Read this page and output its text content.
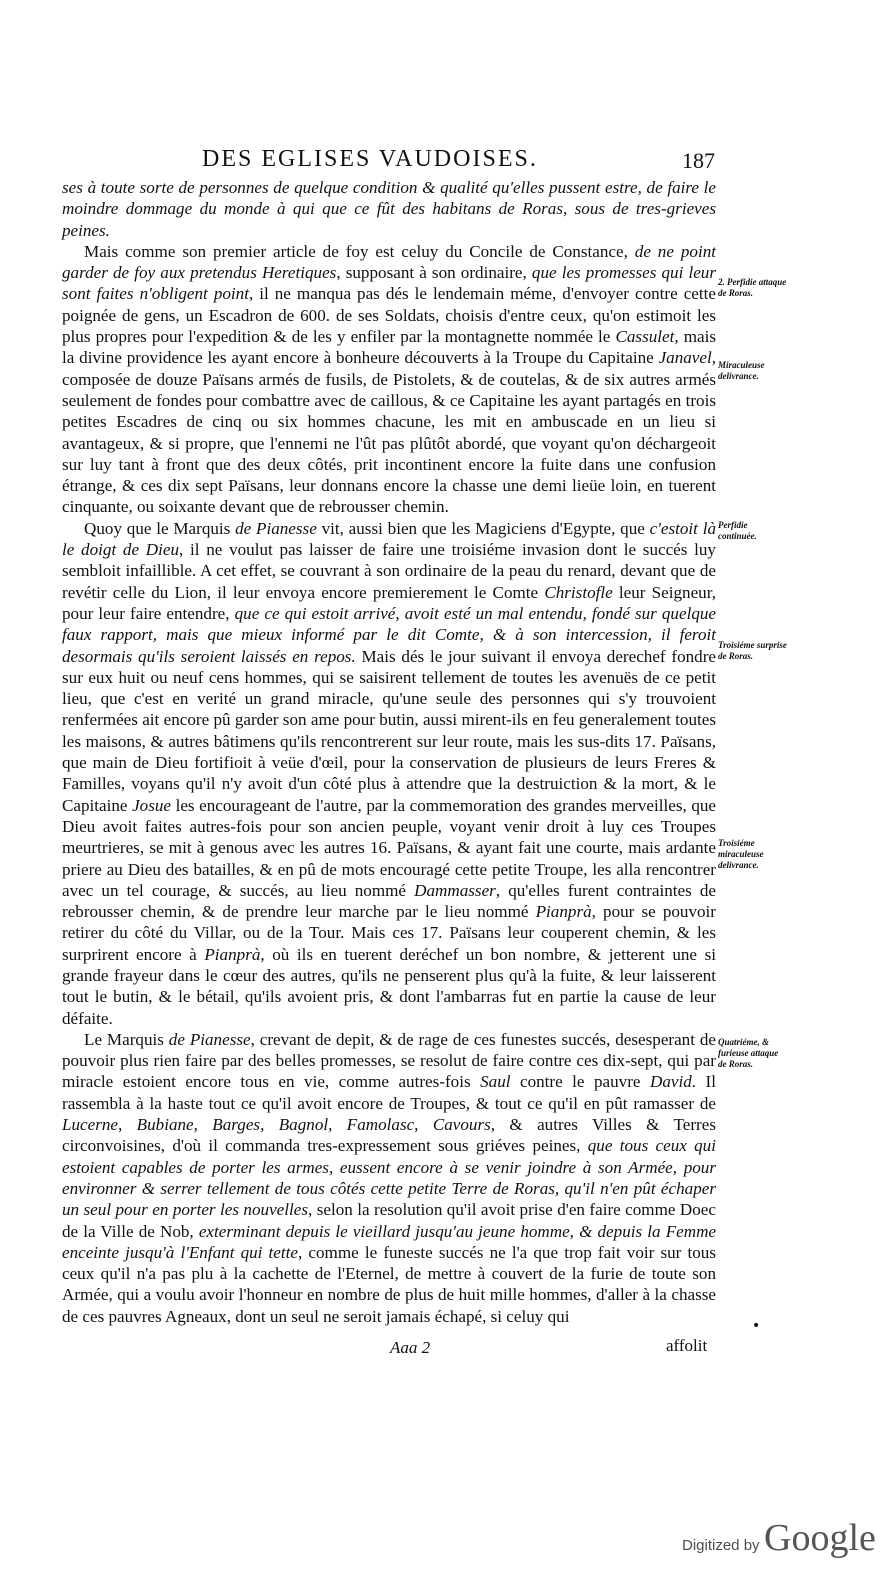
DES EGLISES VAUDOISES.	187

ses à toute sorte de personnes de quelque condition & qualité qu'elles pussent estre, de faire le moindre dommage du monde à qui que ce fût des habitans de Roras, sous de tres-grieves peines.

Mais comme son premier article de foy est celuy du Concile de Constance, de ne point garder de foy aux pretendus Heretiques, supposant à son ordinaire, que les promesses qui leur sont faites n'obligent point, il ne manqua pas dés le lendemain méme, d'envoyer contre cette poignée de gens, un Escadron de 600. de ses Soldats, choisis d'entre ceux, qu'on estimoit les plus propres pour l'expedition & de les y enfiler par la montagnette nommée le Cassulet, mais la divine providence les ayant encore à bonheure découverts à la Troupe du Capitaine Janavel, composée de douze Païsans armés de fusils, de Pistolets, & de coutelas, & de six autres armés seulement de fondes pour combattre avec de caillous, & ce Capitaine les ayant partagés en trois petites Escadres de cinq ou six hommes chacune, les mit en ambuscade en un lieu si avantageux, & si propre, que l'ennemi ne l'ût pas plûtôt abordé, que voyant qu'on déchargeoit sur luy tant à front que des deux côtés, prit incontinent encore la fuite dans une confusion étrange, & ces dix sept Païsans, leur donnans encore la chasse une demi lieüe loin, en tuerent cinquante, ou soixante devant que de rebrousser chemin.

Quoy que le Marquis de Pianesse vit, aussi bien que les Magiciens d'Egypte, que c'estoit là le doigt de Dieu, il ne voulut pas laisser de faire une troisiéme invasion dont le succés luy sembloit infaillible. A cet effet, se couvrant à son ordinaire de la peau du renard, devant que de revétir celle du Lion, il leur envoya encore premierement le Comte Christofle leur Seigneur, pour leur faire entendre, que ce qui estoit arrivé, avoit esté un mal entendu, fondé sur quelque faux rapport, mais que mieux informé par le dit Comte, & à son intercession, il feroit desormais qu'ils seroient laissés en repos. Mais dés le jour suivant il envoya derechef fondre sur eux huit ou neuf cens hommes, qui se saisirent tellement de toutes les avenuës de ce petit lieu, que c'est en verité un grand miracle, qu'une seule des personnes qui s'y trouvoient renfermées ait encore pû garder son ame pour butin, aussi mirent-ils en feu generalement toutes les maisons, & autres bâtimens qu'ils rencontrerent sur leur route, mais les sus-dits 17. Païsans, que main de Dieu fortifioit à veüe d'œil, pour la conservation de plusieurs de leurs Freres & Familles, voyans qu'il n'y avoit d'un côté plus à attendre que la destruiction & la mort, & le Capitaine Josue les encourageant de l'autre, par la commemoration des grandes merveilles, que Dieu avoit faites autres-fois pour son ancien peuple, voyant venir droit à luy ces Troupes meurtrieres, se mit à genous avec les autres 16. Païsans, & ayant fait une courte, mais ardante priere au Dieu des batailles, & en pû de mots encouragé cette petite Troupe, les alla rencontrer avec un tel courage, & succés, au lieu nommé Dammasser, qu'elles furent contraintes de rebrousser chemin, & de prendre leur marche par le lieu nommé Pianprà, pour se pouvoir retirer du côté du Villar, ou de la Tour. Mais ces 17. Païsans leur couperent chemin, & les surprirent encore à Pianprà, où ils en tuerent deréchef un bon nombre, & jetterent une si grande frayeur dans le cœur des autres, qu'ils ne penserent plus qu'à la fuite, & leur laisserent tout le butin, & le bétail, qu'ils avoient pris, & dont l'ambarras fut en partie la cause de leur défaite.

Le Marquis de Pianesse, crevant de depit, & de rage de ces funestes succés, desesperant de pouvoir plus rien faire par des belles promesses, se resolut de faire contre ces dix-sept, qui par miracle estoient encore tous en vie, comme autres-fois Saul contre le pauvre David. Il rassembla à la haste tout ce qu'il avoit encore de Troupes, & tout ce qu'il en pût ramasser de Lucerne, Bubiane, Barges, Bagnol, Famolasc, Cavours, & autres Villes & Terres circonvoisines, d'où il commanda tres-expressement sous griéves peines, que tous ceux qui estoient capables de porter les armes, eussent encore à se venir joindre à son Armée, pour environner & serrer tellement de tous côtés cette petite Terre de Roras, qu'il n'en pût échaper un seul pour en porter les nouvelles, selon la resolution qu'il avoit prise d'en faire comme Doec de la Ville de Nob, exterminant depuis le vieillard jusqu'au jeune homme, & depuis la Femme enceinte jusqu'à l'Enfant qui tette, comme le funeste succés ne l'a que trop fait voir sur tous ceux qu'il n'a pas plu à la cachette de l'Eternel, de mettre à couvert de la furie de toute son Armée, qui a voulu avoir l'honneur en nombre de plus de huit mille hommes, d'aller à la chasse de ces pauvres Agneaux, dont un seul ne seroit jamais échapé, si celuy qui

2. Perfidie attaque de Roras.
Miraculeuse delivrance.
Perfidie continuée.
Troisiéme surprise de Roras.
Troisiéme miraculeuse delivrance.
Quatriéme, & furieuse attaque de Roras.
Aaa 2	affolit
•
Digitized by Google
